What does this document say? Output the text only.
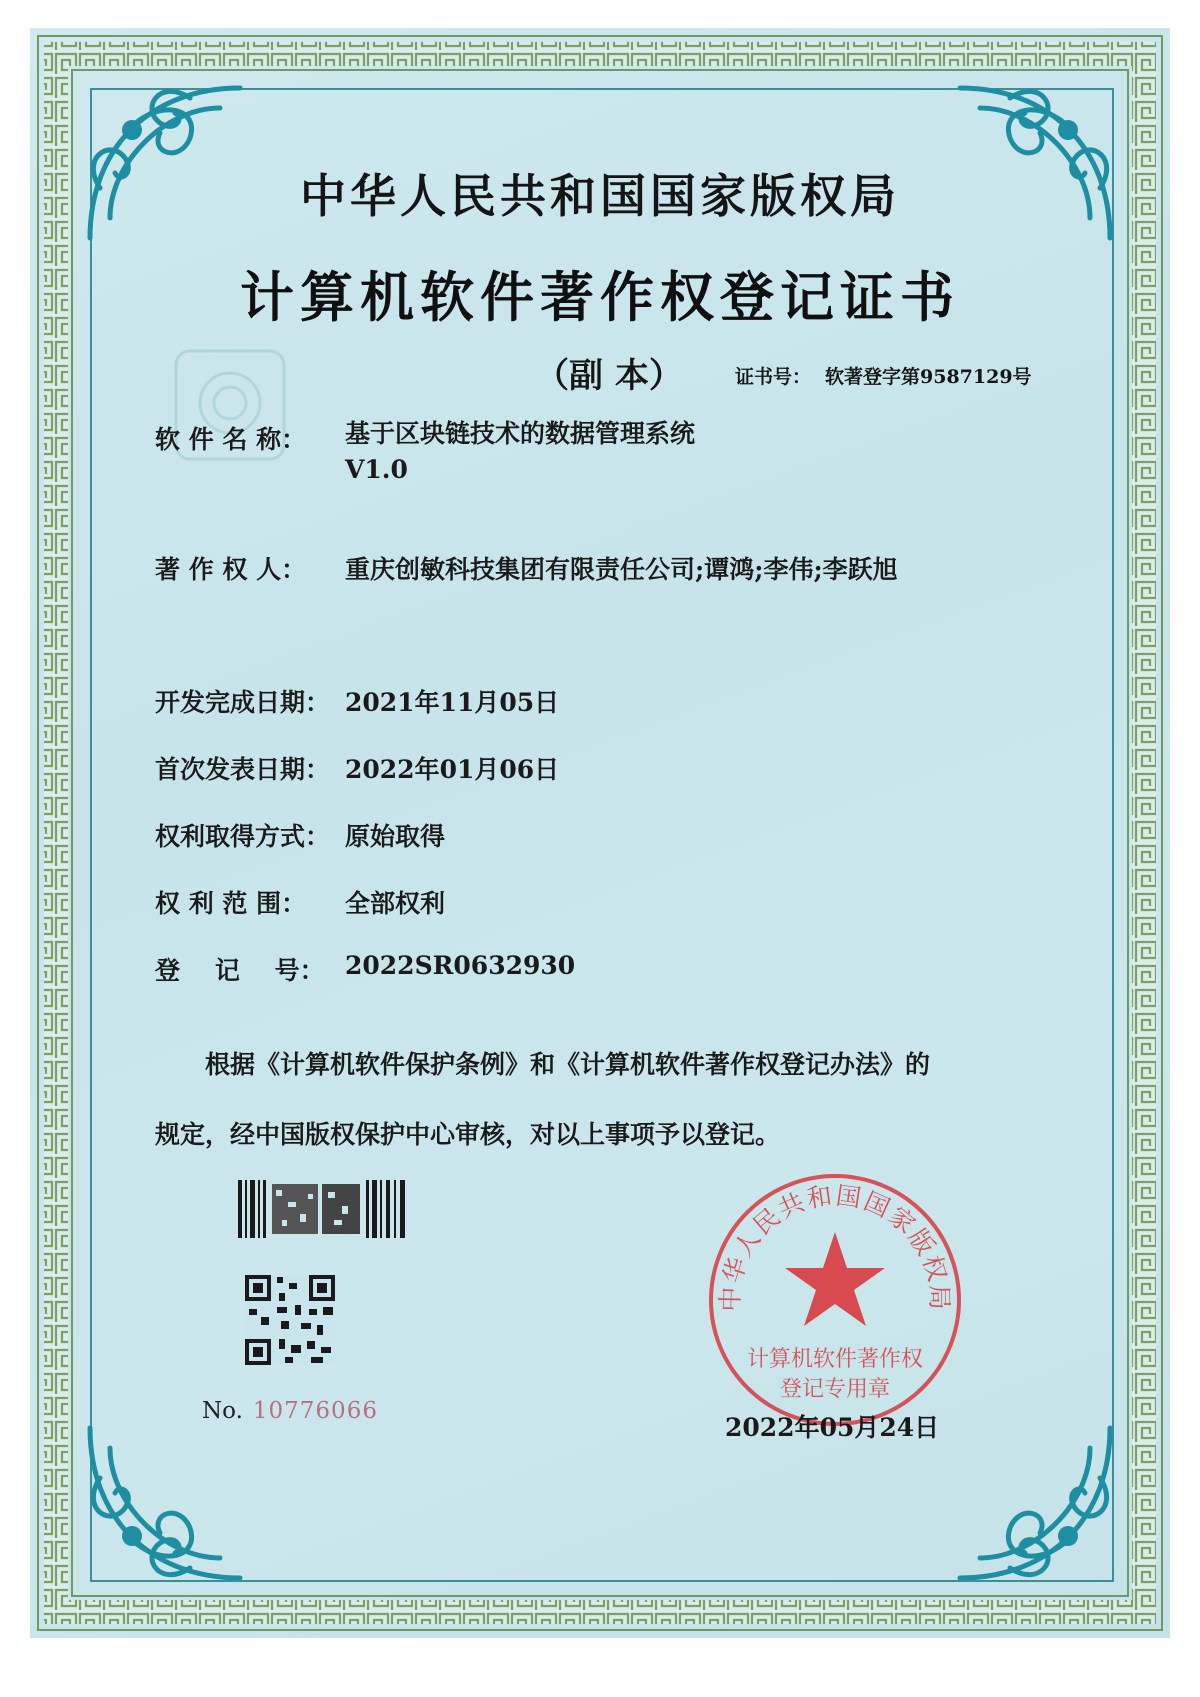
中华人民共和国国家版权局
计算机软件著作权登记证书
（副 本）	证书号： 软著登字第9587129号
软 件 名 称： 基于区块链技术的数据管理系统
V1.0
著 作 权 人： 重庆创敏科技集团有限责任公司;谭鸿;李伟;李跃旭
开发完成日期： 2021年11月05日
首次发表日期： 2022年01月06日
权利取得方式： 原始取得
权 利 范 围： 全部权利
登    记    号： 2022SR0632930
根据《计算机软件保护条例》和《计算机软件著作权登记办法》的
规定，经中国版权保护中心审核，对以上事项予以登记。
No. 10776066
中华人民共和国国家版权局
计算机软件著作权
登记专用章
2022年05月24日
